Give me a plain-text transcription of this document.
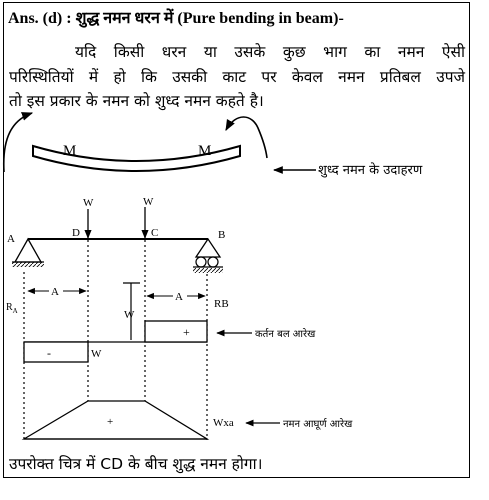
Ans. (d) : शुद्ध नमन धरन में (Pure bending in beam)-
यदि किसी धरन या उसके कुछ भाग का नमन ऐसी
परिस्थितियों में हो कि उसकी काट पर केवल नमन प्रतिबल उपजे
तो इस प्रकार के नमन को शुध्द नमन कहते है।
M	M
शुध्द नमन के उदाहरण
W	W
A	D	C	B
A	A
$R_A$
RB
W
-
+
W
कर्तन बल आरेख
+	Wxa	नमन आघूर्ण आरेख
उपरोक्त चित्र में CD के बीच शुद्ध नमन होगा।
